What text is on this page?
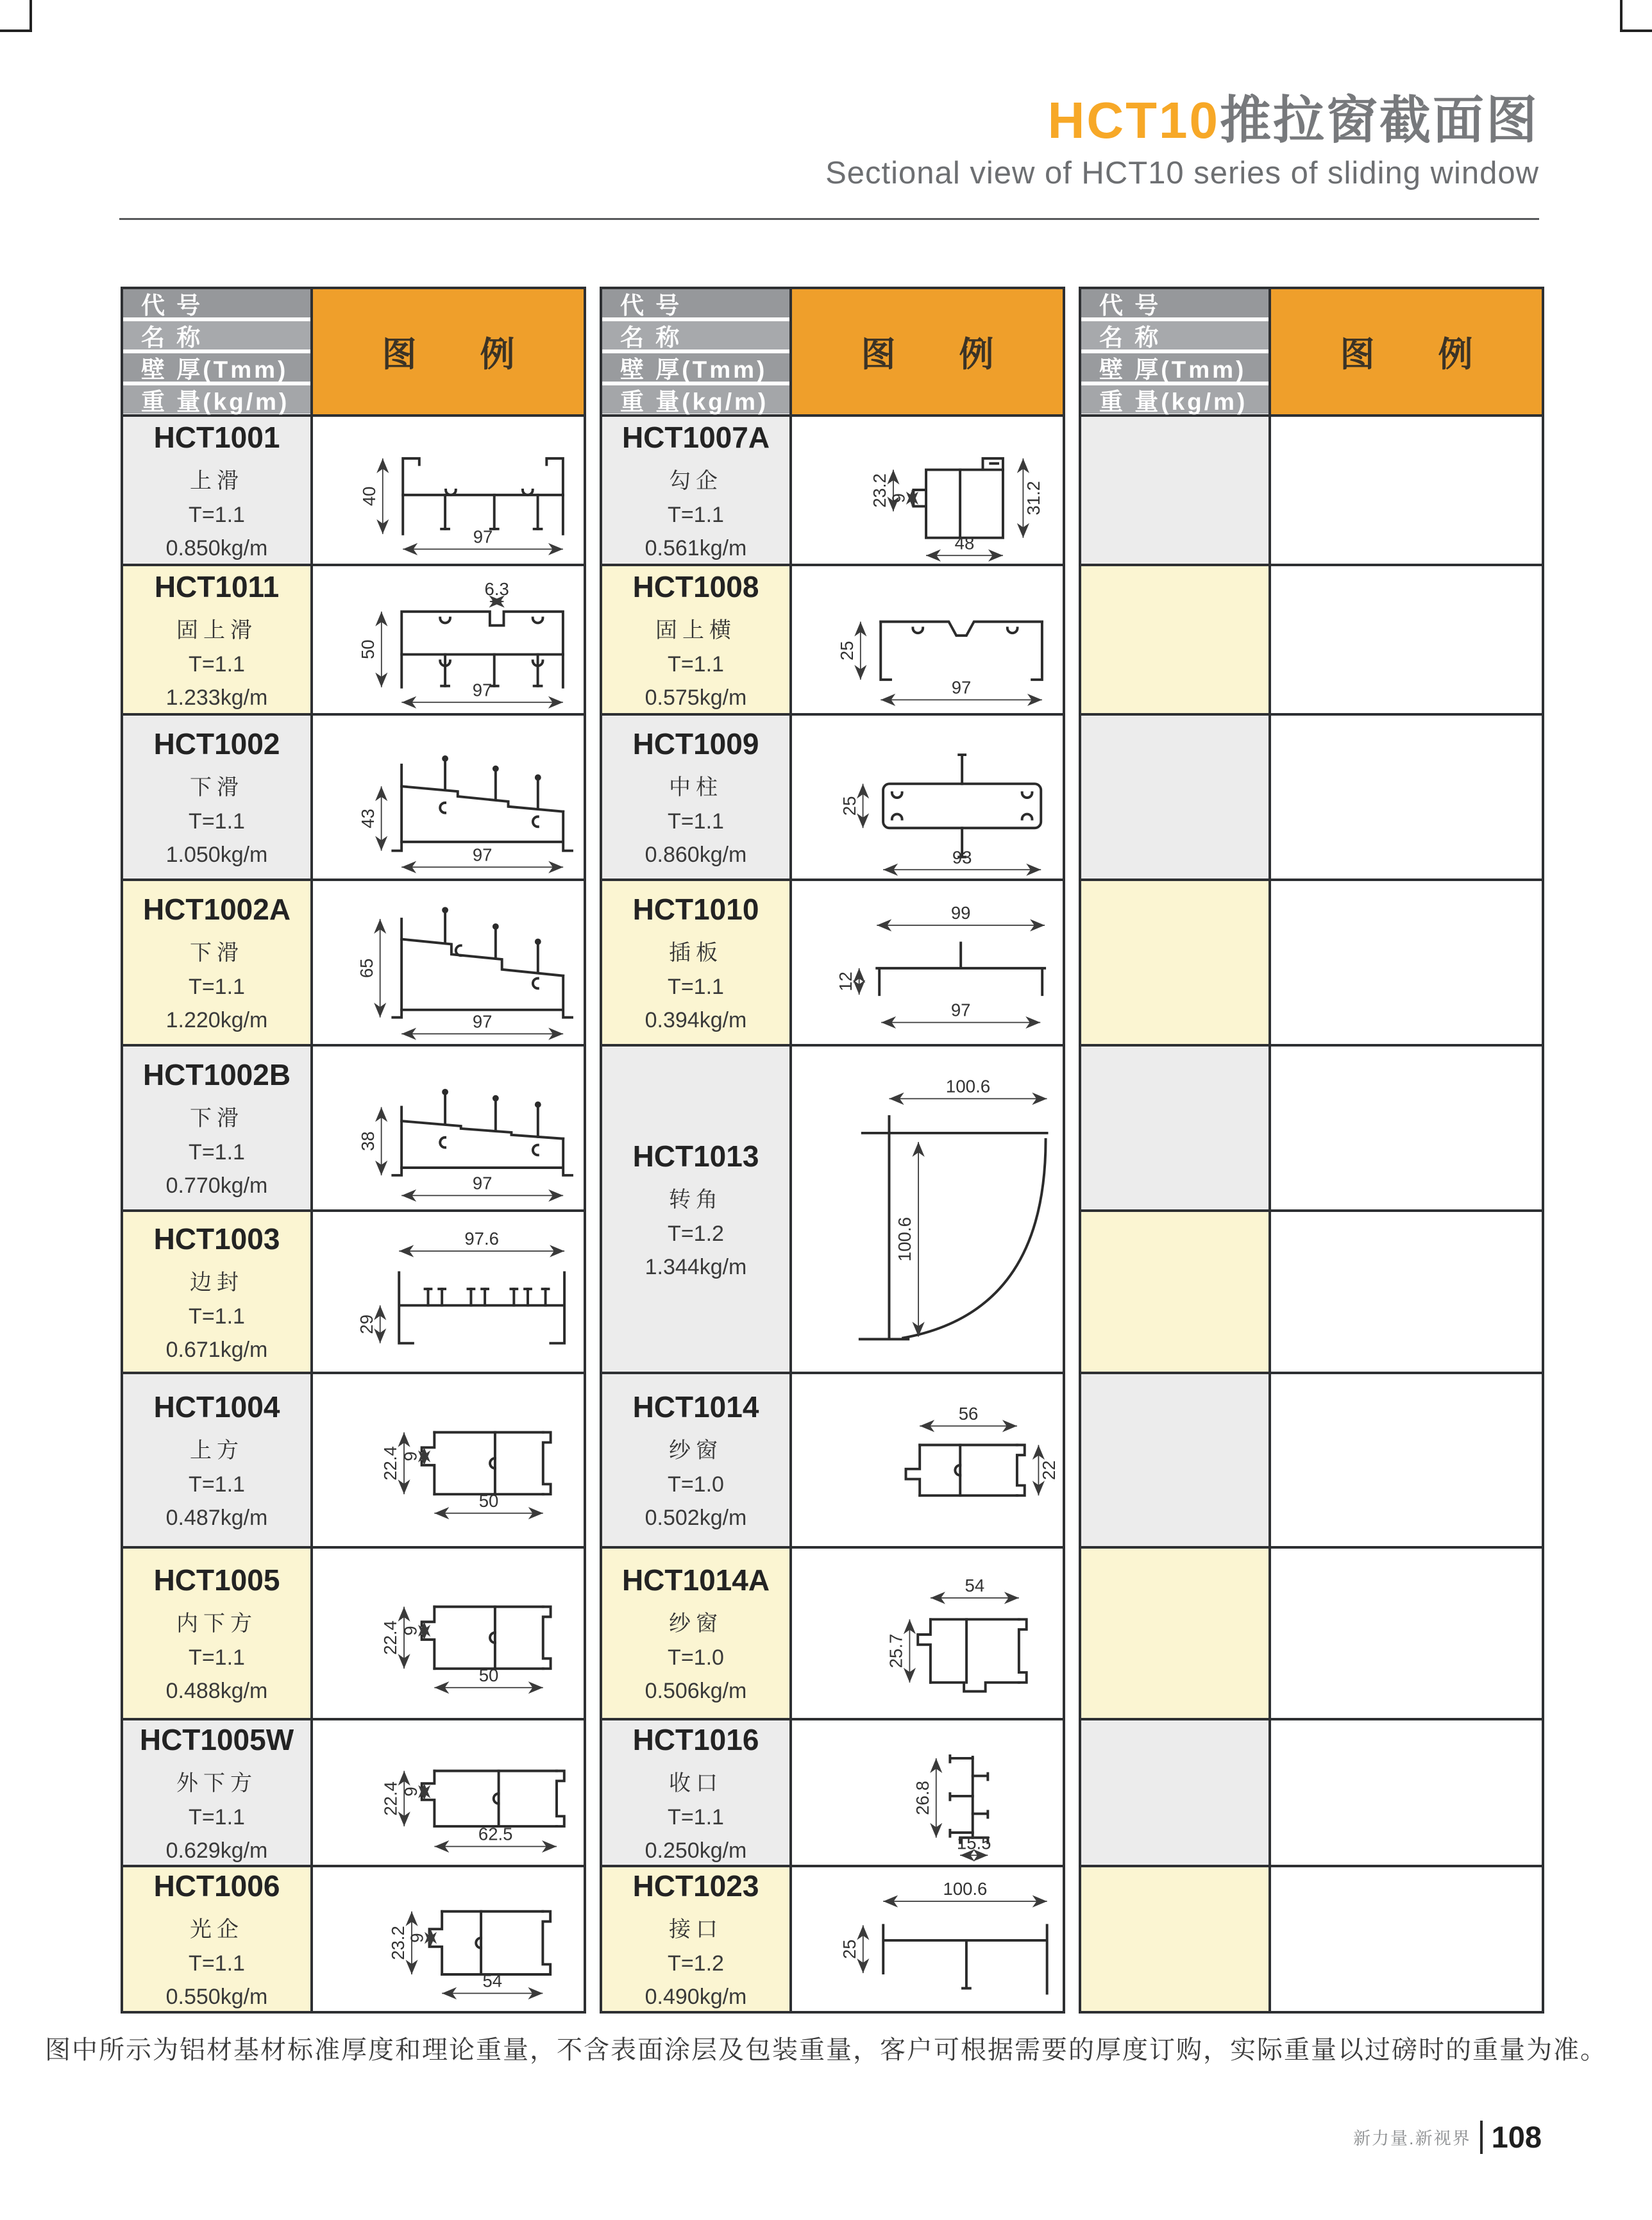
HCT10推拉窗截面图
Sectional view of HCT10 series of sliding window
代 号
名 称
壁 厚(Tmm)
重 量(kg/m)
图 例
HCT1001
上滑
T=1.1
0.850kg/m
40
97
HCT1011
固上滑
T=1.1
1.233kg/m
50
97
6.3
HCT1002
下滑
T=1.1
1.050kg/m
43
97
HCT1002A
下滑
T=1.1
1.220kg/m
65
97
HCT1002B
下滑
T=1.1
0.770kg/m
38
97
HCT1003
边封
T=1.1
0.671kg/m
97.6
29
HCT1004
上方
T=1.1
0.487kg/m
22.4 9
50
HCT1005
内下方
T=1.1
0.488kg/m
22.4 9
50
HCT1005W
外下方
T=1.1
0.629kg/m
22.4 9
62.5
HCT1006
光企
T=1.1
0.550kg/m
23.2
9
54
代 号
名 称
壁 厚(Tmm)
重 量(kg/m)
图 例
HCT1007A
勾企
T=1.1
0.561kg/m
23.2
9	31.2
48
HCT1008
固上横
T=1.1
0.575kg/m
25
97
HCT1009
中柱
T=1.1
0.860kg/m
25
93
HCT1010
插板
T=1.1
0.394kg/m
99
12
97
HCT1013
转角
T=1.2
1.344kg/m
100.6
100.6
HCT1014
纱窗
T=1.0
0.502kg/m
56
22
HCT1014A
纱窗
T=1.0
0.506kg/m
54
25.7
HCT1016
收口
T=1.1
0.250kg/m
26.8
15.5
HCT1023
接口
T=1.2
0.490kg/m
100.6
25
代 号
名 称
壁 厚(Tmm)
重 量(kg/m)
图 例
图中所示为铝材基材标准厚度和理论重量，不含表面涂层及包装重量，客户可根据需要的厚度订购，实际重量以过磅时的重量为准。
新力量.新视界 108
